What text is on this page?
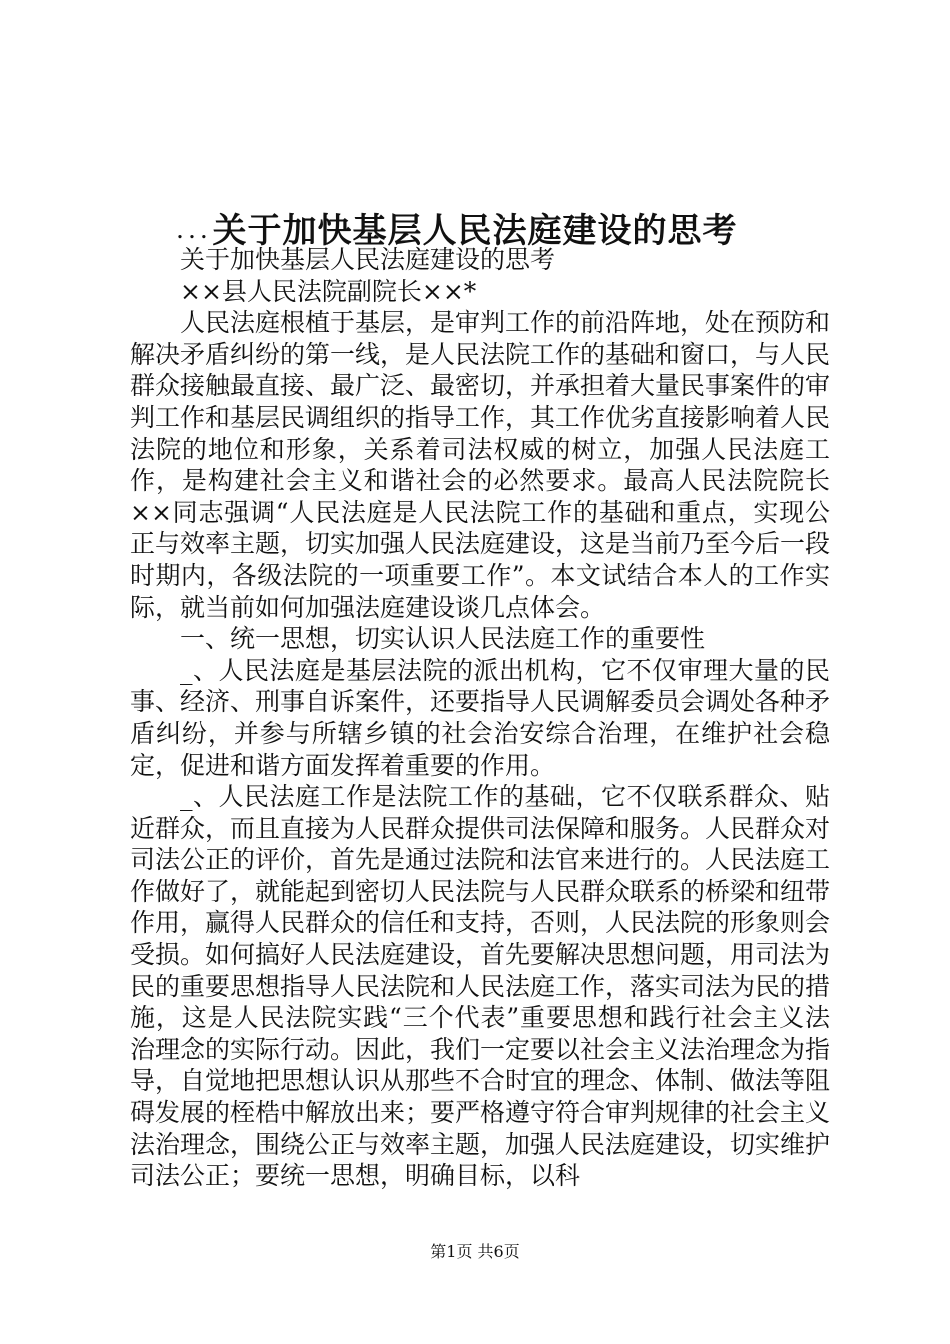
关于加快基层人民法庭建设的思考

...

关于加快基层人民法庭建设的思考

××县人民法院副院长××*

人民法庭根植于基层，是审判工作的前沿阵地，处在预防和解决矛盾纠纷的第一线，是人民法院工作的基础和窗口，与人民群众接触最直接、最广泛、最密切，并承担着大量民事案件的审判工作和基层民调组织的指导工作，其工作优劣直接影响着人民法院的地位和形象，关系着司法权威的树立，加强人民法庭工作，是构建社会主义和谐社会的必然要求。最高人民法院院长××同志强调“人民法庭是人民法院工作的基础和重点，实现公正与效率主题，切实加强人民法庭建设，这是当前乃至今后一段时期内，各级法院的一项重要工作”。本文试结合本人的工作实际，就当前如何加强法庭建设谈几点体会。

一、统一思想，切实认识人民法庭工作的重要性

_、人民法庭是基层法院的派出机构，它不仅审理大量的民事、经济、刑事自诉案件，还要指导人民调解委员会调处各种矛盾纠纷，并参与所辖乡镇的社会治安综合治理，在维护社会稳定，促进和谐方面发挥着重要的作用。

_、人民法庭工作是法院工作的基础，它不仅联系群众、贴近群众，而且直接为人民群众提供司法保障和服务。人民群众对司法公正的评价，首先是通过法院和法官来进行的。人民法庭工作做好了，就能起到密切人民法院与人民群众联系的桥梁和纽带作用，赢得人民群众的信任和支持，否则，人民法院的形象则会受损。如何搞好人民法庭建设，首先要解决思想问题，用司法为民的重要思想指导人民法院和人民法庭工作，落实司法为民的措施，这是人民法院实践“三个代表”重要思想和践行社会主义法治理念的实际行动。因此，我们一定要以社会主义法治理念为指导，自觉地把思想认识从那些不合时宜的理念、体制、做法等阻碍发展的桎梏中解放出来；要严格遵守符合审判规律的社会主义法治理念，围绕公正与效率主题，加强人民法庭建设，切实维护司法公正；要统一思想，明确目标，以科

第1页 共6页
